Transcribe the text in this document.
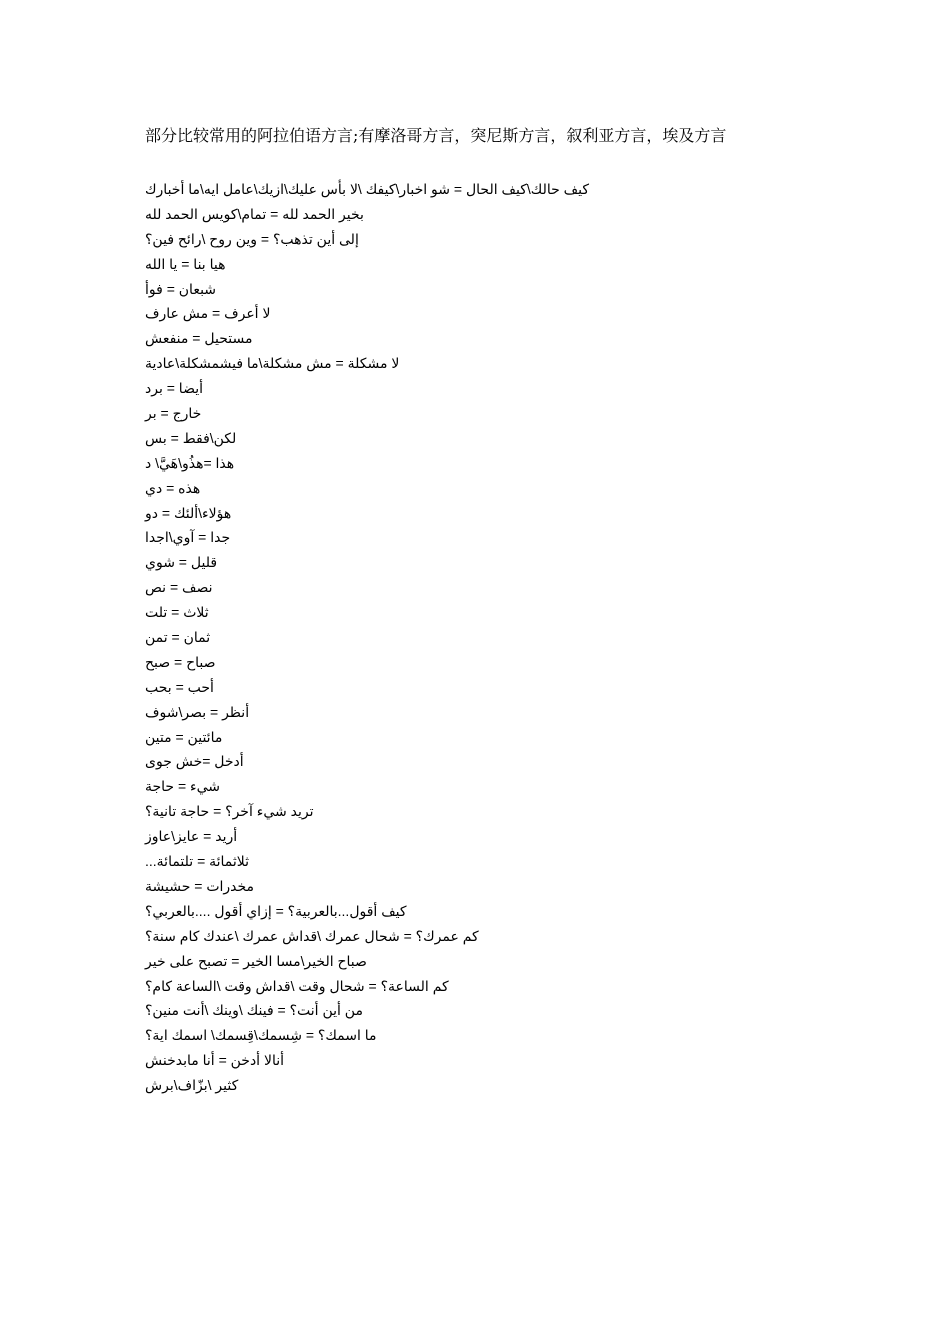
部分比较常用的阿拉伯语方言;有摩洛哥方言，突尼斯方言，叙利亚方言，埃及方言
كيف حالك\كيف الحال = شو اخبار\كيفك \لا بأس عليك\ازيك\عامل ايه\ما أخبارك
بخير الحمد لله = تمام\كويس الحمد لله
إلى أين تذهب؟ = وين روح \رائح فين؟
هيا بنا = يا الله
شبعان = فوأ
لا أعرف = مش عارف
مستحيل = منفعش
لا مشكلة = مش مشكلة\ما فيشمشكلة\عادية
أيضا = برد
خارج = بر
لكن\فقط = بس
هذا =هذُو\هَيَّ\ د
هذه = دي
هؤلاء\ألئك = دو
جدا = آوي\اجدا
قليل = شوي
نصف = نص
ثلاث = تلت
ثمان = تمن
صباح = صبح
أحب = بحب
أنظر = بصر\شوف
مائتين = متين
أدخل =خش جوى
شيء = حاجة
تريد شيء آخر؟ = حاجة تانية؟
أريد = عايز\عاوز
ثلاثمائة = تلتمائة...
مخدرات = حشيشة
كيف أقول...بالعربية؟ = إزاي أقول ....بالعربي؟
كم عمرك؟ = شحال عمرك \قداش عمرك \عندك كام سنة؟
صباح الخير\مسا الخير = تصبح على خير
كم الساعة؟ = شحال وقت \قداش وقت \الساعة كام؟
من أين أنت؟ = فينك \وينك \أنت منين؟
ما اسمك؟ = شِسمك\قِسمك\ اسمك اية؟
أنالا أدخن = أنا مابدخنش
كثير \بزّاف\برش
